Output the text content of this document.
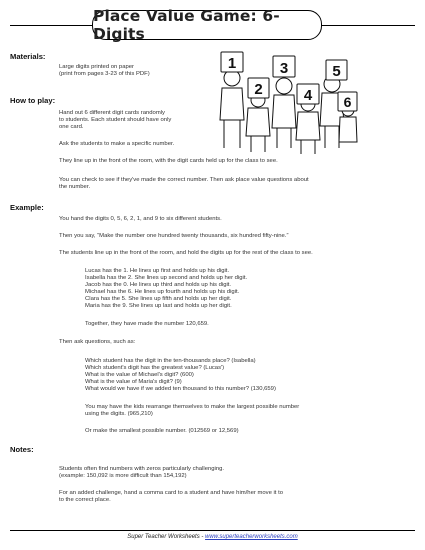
Place Value Game: 6-Digits
Materials:
Large digits printed on paper
(print from pages 3-23 of this PDF)
How to play:
Hand out 6 different digit cards randomly
to students. Each student should have only
one card.
Ask the students to make a specific number.
They line up in the front of the room, with the digit cards held up for the class to see.
You can check to see if they've made the correct number. Then ask place value questions about
the number.
1
2
3
4
5
6
Example:
You hand the digits 0, 5, 6, 2, 1, and 9 to six different students.
Then you say, “Make the number one hundred twenty thousands, six hundred fifty-nine.”
The students line up in the front of the room, and hold the digits up for the rest of the class to see.
Lucas has the 1. He lines up first and holds up his digit.
Isabella has the 2. She lines up second and holds up her digit.
Jacob has the 0. He lines up third and holds up his digit.
Michael has the 6. He lines up fourth and holds up his digit.
Clara has the 5. She lines up fifth and holds up her digit.
Maria has the 9. She lines up last and holds up her digit.
Together, they have made the number 120,659.
Then ask questions, such as:
Which student has the digit in the ten-thousands place? (Isabella)
Which student's digit has the greatest value? (Lucas')
What is the value of Michael's digit? (600)
What is the value of Maria's digit? (9)
What would we have if we added ten thousand to this number? (130,659)
You may have the kids rearrange themselves to make the largest possible number
using the digits. (965,210)
Or make the smallest possible number. (012569 or 12,569)
Notes:
Students often find numbers with zeros particularly challenging.
(example: 150,092 is more difficult than 154,192)
For an added challenge, hand a comma card to a student and have him/her move it to
to the correct place.
Super Teacher Worksheets - www.superteacherworksheets.com
